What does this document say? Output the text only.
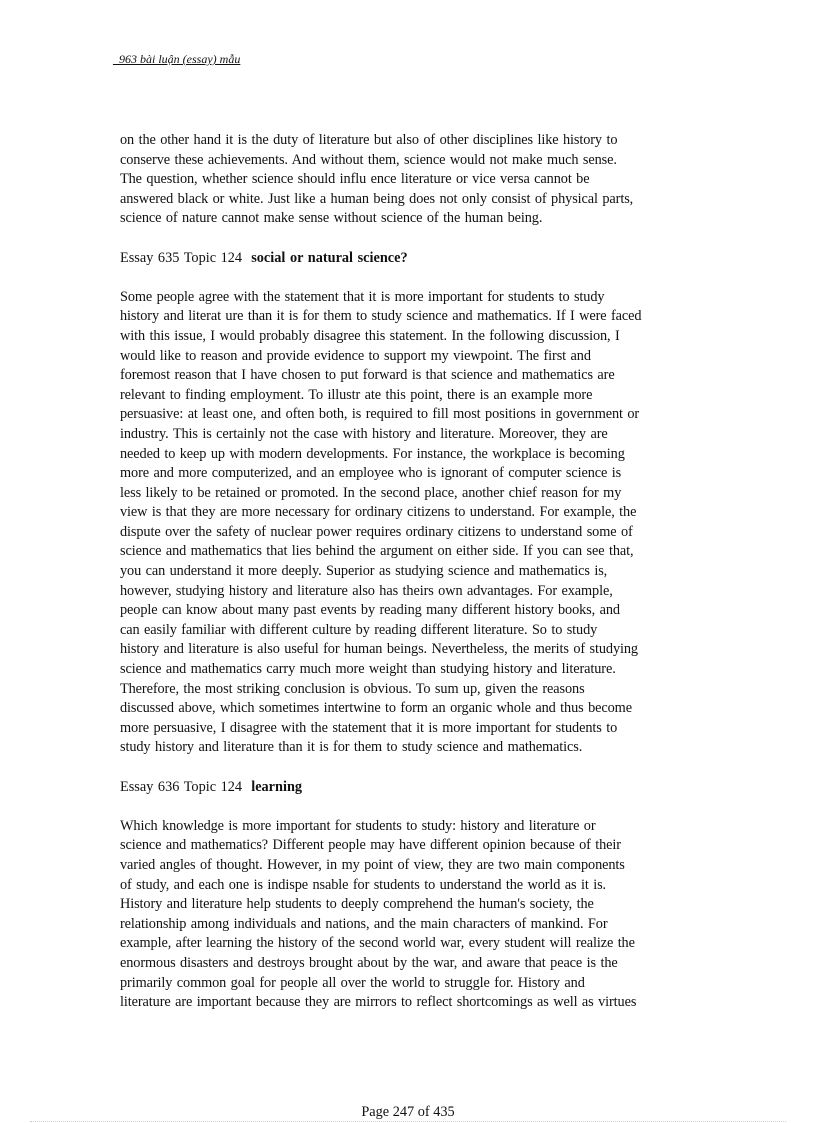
_963 bài luận (essay) mẫu
on the other hand it is the duty of literature but also of other disciplines like history to
conserve these achievements. And without them, science would not make much sense.
The question, whether science should influ ence literature or vice versa cannot be
answered black or white. Just like a human being does not only consist of physical parts,
science of nature cannot make sense without science of the human being.
Essay 635 Topic 124 social or natural science?
Some people agree with the statement that it is more important for students to study
history and literat ure than it is for them to study science and mathematics. If I were faced
with this issue, I would probably disagree this statement. In the following discussion, I
would like to reason and provide evidence to support my viewpoint. The first and
foremost reason that I have chosen to put forward is that science and mathematics are
relevant to finding employment. To illustr ate this point, there is an example more
persuasive: at least one, and often both, is required to fill most positions in government or
industry. This is certainly not the case with history and literature. Moreover, they are
needed to keep up with modern developments. For instance, the workplace is becoming
more and more computerized, and an employee who is ignorant of computer science is
less likely to be retained or promoted. In the second place, another chief reason for my
view is that they are more necessary for ordinary citizens to understand. For example, the
dispute over the safety of nuclear power requires ordinary citizens to understand some of
science and mathematics that lies behind the argument on either side. If you can see that,
you can understand it more deeply. Superior as studying science and mathematics is,
however, studying history and literature also has theirs own advantages. For example,
people can know about many past events by reading many different history books, and
can easily familiar with different culture by reading different literature. So to study
history and literature is also useful for human beings. Nevertheless, the merits of studying
science and mathematics carry much more weight than studying history and literature.
Therefore, the most striking conclusion is obvious. To sum up, given the reasons
discussed above, which sometimes intertwine to form an organic whole and thus become
more persuasive, I disagree with the statement that it is more important for students to
study history and literature than it is for them to study science and mathematics.
Essay 636 Topic 124 learning
Which knowledge is more important for students to study: history and literature or
science and mathematics? Different people may have different opinion because of their
varied angles of thought. However, in my point of view, they are two main components
of study, and each one is indispe nsable for students to understand the world as it is.
History and literature help students to deeply comprehend the human's society, the
relationship among individuals and nations, and the main characters of mankind. For
example, after learning the history of the second world war, every student will realize the
enormous disasters and destroys brought about by the war, and aware that peace is the
primarily common goal for people all over the world to struggle for. History and
literature are important because they are mirrors to reflect shortcomings as well as virtues
Page 247 of 435
